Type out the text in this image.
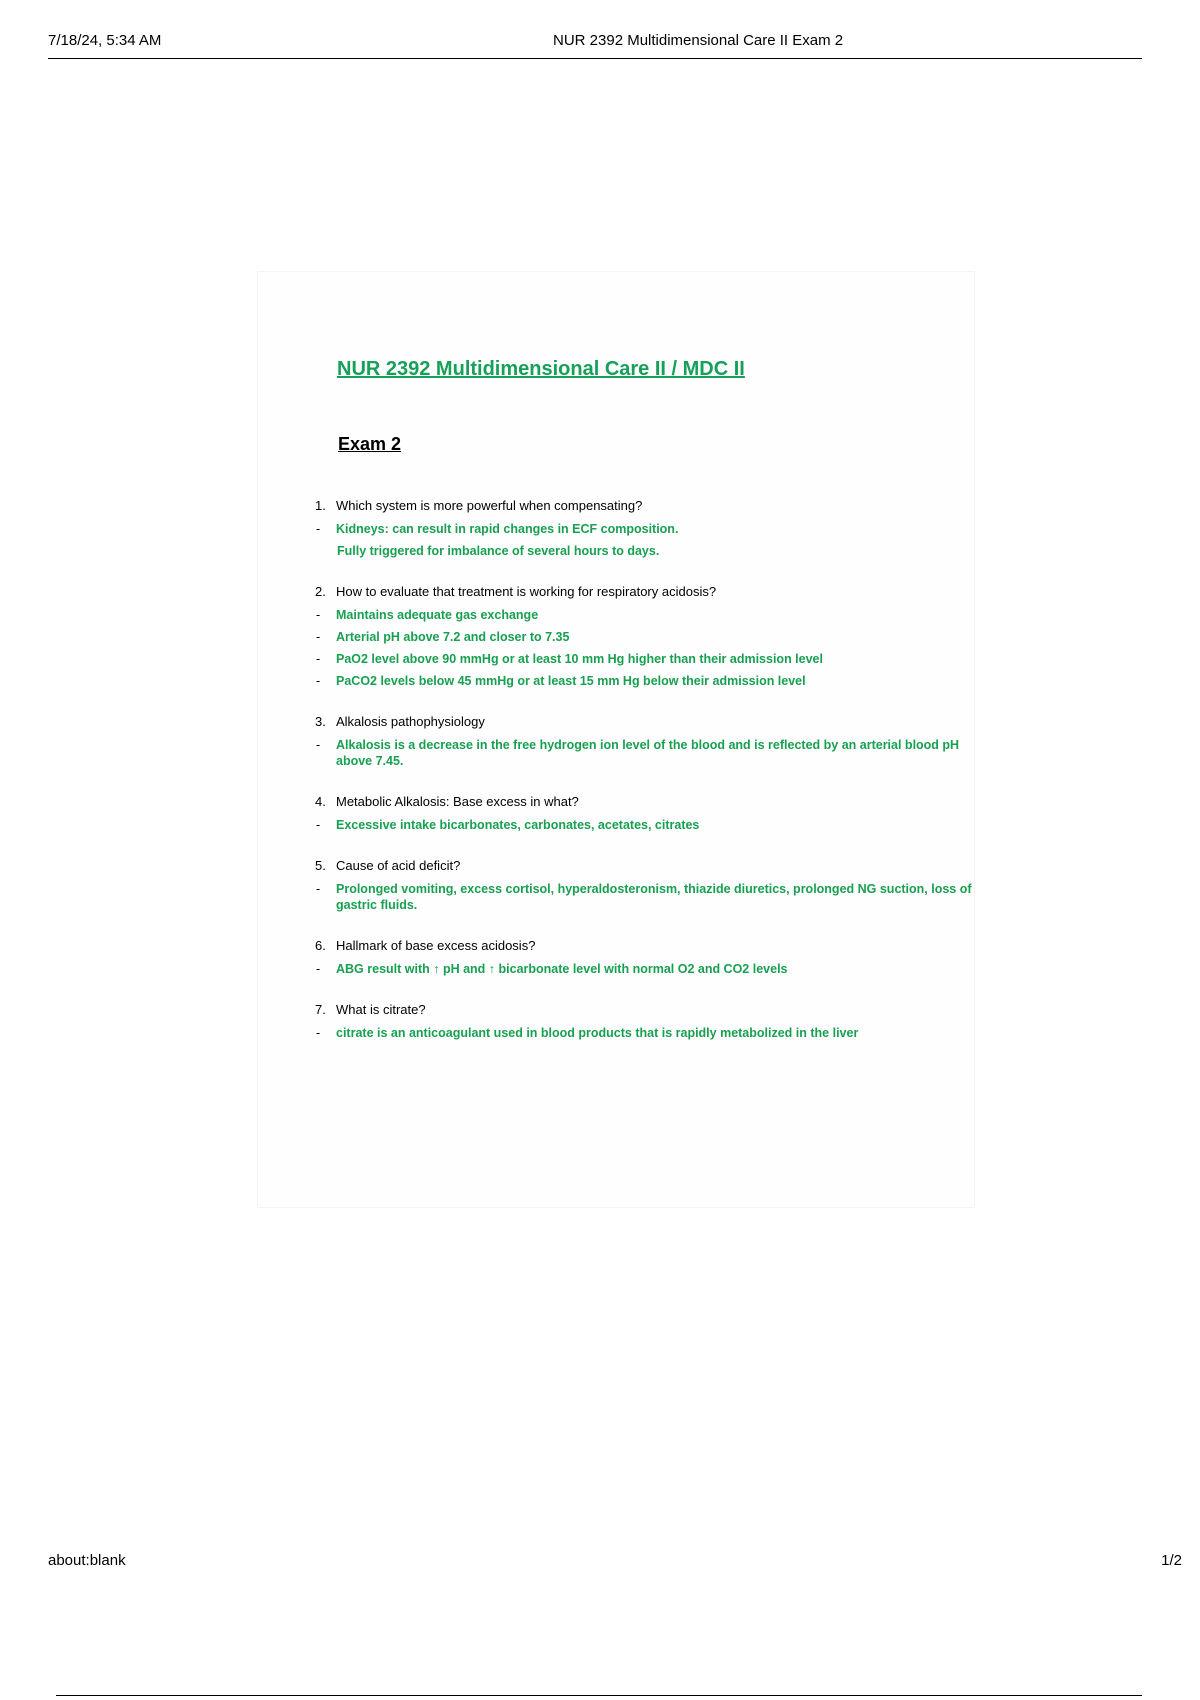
7/18/24, 5:34 AM	NUR 2392 Multidimensional Care II Exam 2
NUR 2392 Multidimensional Care II / MDC II
Exam 2
1. Which system is more powerful when compensating?
- Kidneys: can result in rapid changes in ECF composition.
Fully triggered for imbalance of several hours to days.
2. How to evaluate that treatment is working for respiratory acidosis?
- Maintains adequate gas exchange
- Arterial pH above 7.2 and closer to 7.35
- PaO2 level above 90 mmHg or at least 10 mm Hg higher than their admission level
- PaCO2 levels below 45 mmHg or at least 15 mm Hg below their admission level
3. Alkalosis pathophysiology
- Alkalosis is a decrease in the free hydrogen ion level of the blood and is reflected by an arterial blood pH above 7.45.
4. Metabolic Alkalosis: Base excess in what?
- Excessive intake bicarbonates, carbonates, acetates, citrates
5. Cause of acid deficit?
- Prolonged vomiting, excess cortisol, hyperaldosteronism, thiazide diuretics, prolonged NG suction, loss of gastric fluids.
6. Hallmark of base excess acidosis?
- ABG result with ↑ pH and ↑ bicarbonate level with normal O2 and CO2 levels
7. What is citrate?
- citrate is an anticoagulant used in blood products that is rapidly metabolized in the liver
about:blank	1/2
